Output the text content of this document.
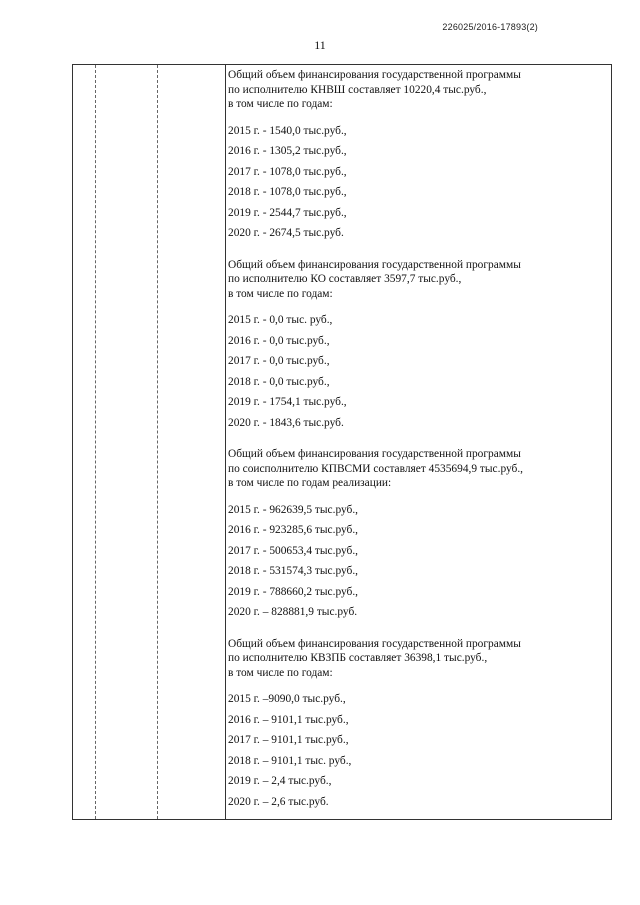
226025/2016-17893(2)
11
Общий объем финансирования государственной программы
по исполнителю КНВШ составляет 10220,4 тыс.руб.,
в том числе по годам:
2015 г. - 1540,0 тыс.руб.,
2016 г. - 1305,2 тыс.руб.,
2017 г. - 1078,0 тыс.руб.,
2018 г. - 1078,0 тыс.руб.,
2019 г. - 2544,7 тыс.руб.,
2020 г. - 2674,5 тыс.руб.
Общий объем финансирования государственной программы
по исполнителю КО составляет 3597,7 тыс.руб.,
в том числе по годам:
2015 г. - 0,0 тыс. руб.,
2016 г. - 0,0 тыс.руб.,
2017 г. - 0,0 тыс.руб.,
2018 г. - 0,0 тыс.руб.,
2019 г. - 1754,1 тыс.руб.,
2020 г. - 1843,6 тыс.руб.
Общий объем финансирования государственной программы
по соисполнителю КПВСМИ составляет 4535694,9 тыс.руб.,
в том числе по годам реализации:
2015 г. - 962639,5 тыс.руб.,
2016 г. - 923285,6 тыс.руб.,
2017 г. - 500653,4 тыс.руб.,
2018 г. - 531574,3 тыс.руб.,
2019 г. - 788660,2 тыс.руб.,
2020 г. – 828881,9 тыс.руб.
Общий объем финансирования государственной программы
по исполнителю КВЗПБ составляет 36398,1 тыс.руб.,
в том числе по годам:
2015 г. –9090,0 тыс.руб.,
2016 г. – 9101,1 тыс.руб.,
2017 г. – 9101,1 тыс.руб.,
2018 г. – 9101,1 тыс. руб.,
2019 г. – 2,4 тыс.руб.,
2020 г. – 2,6 тыс.руб.
